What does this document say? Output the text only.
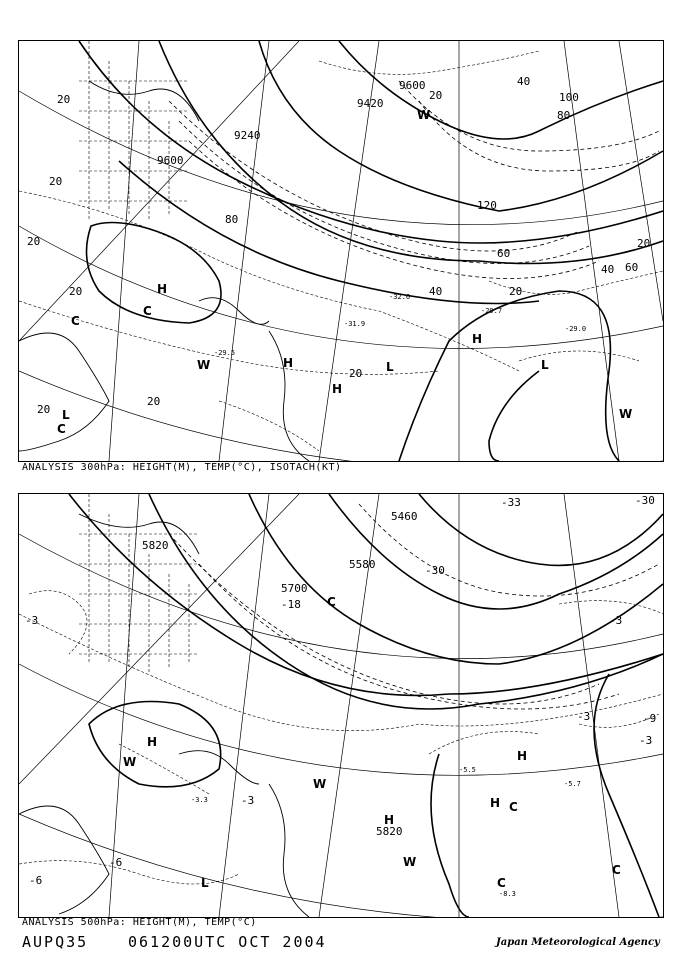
9600
9420
9240
9600
20
20
20
20
20
20
20
20
40
40
40
60
60
80
80
100
120
20
20
H
H
H
H
L
L	L
C
C
C
W
W
W
-29.7
-31.9
-32.6
-29.0
-29.5
ANALYSIS 300hPa: HEIGHT(M), TEMP(°C), ISOTACH(KT)
5820
5700
5580
5460
5820
-18
-30
-33	-30
-3
-3
-3
-3
-6
-6
-9
-3
H
H
H
H
L
C
C
C
C
W
W
W
-5.5
-5.7
-8.3
-3.3
ANALYSIS 500hPa: HEIGHT(M), TEMP(°C)
AUPQ35	061200UTC OCT 2004	Japan Meteorological Agency
